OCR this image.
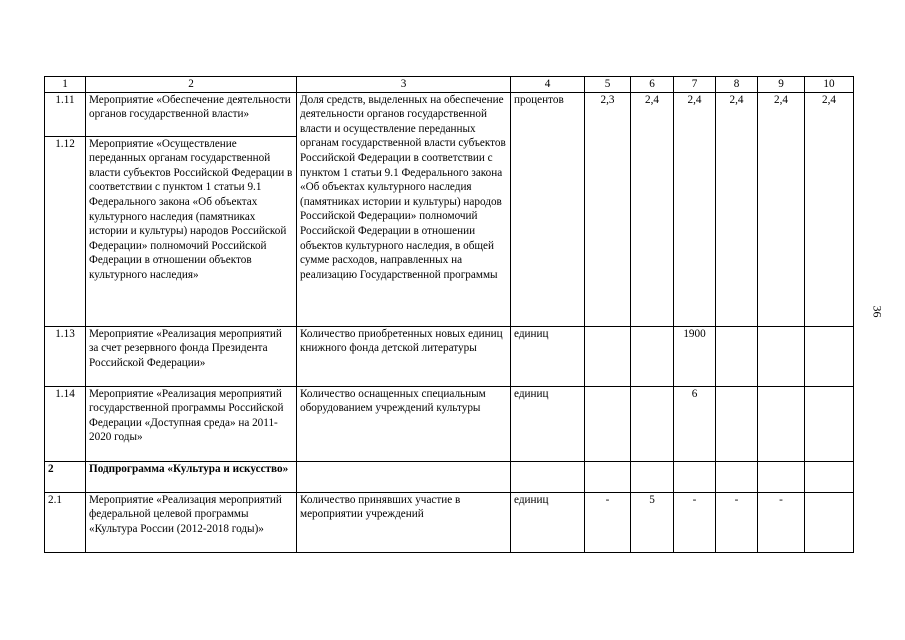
1	2	3	4	5	6	7	8	9	10
1.11	Мероприятие «Обеспечение деятельности органов государственной власти»	Доля средств, выделенных на обеспечение деятельности органов государственной власти и осуществление переданных органам государственной власти субъектов Российской Федерации в соответствии с пунктом 1 статьи 9.1 Федерального закона «Об объектах культурного наследия (памятниках истории и культуры) народов Российской Федерации» полномочий Российской Федерации в отношении объектов культурного наследия, в общей сумме расходов, направленных на реализацию Государственной программы	процентов	2,3	2,4	2,4	2,4	2,4	2,4
1.12	Мероприятие «Осуществление переданных органам государственной власти субъектов Российской Федерации в соответствии с пунктом 1 статьи 9.1 Федерального закона «Об объектах культурного наследия (памятниках истории и культуры) народов Российской Федерации» полномочий Российской Федерации в отношении объектов культурного наследия»								
1.13	Мероприятие «Реализация мероприятий за счет резервного фонда Президента Российской Федерации»	Количество приобретенных новых единиц книжного фонда детской литературы	единиц			1900			
1.14	Мероприятие «Реализация мероприятий государственной программы Российской Федерации «Доступная среда» на 2011-2020 годы»	Количество оснащенных специальным оборудованием учреждений культуры	единиц			6			
2	Подпрограмма «Культура и искусство»								
2.1	Мероприятие «Реализация мероприятий федеральной целевой программы «Культура России (2012-2018 годы)»	Количество принявших участие в мероприятии учреждений	единиц	-	5	-	-	-	
36
